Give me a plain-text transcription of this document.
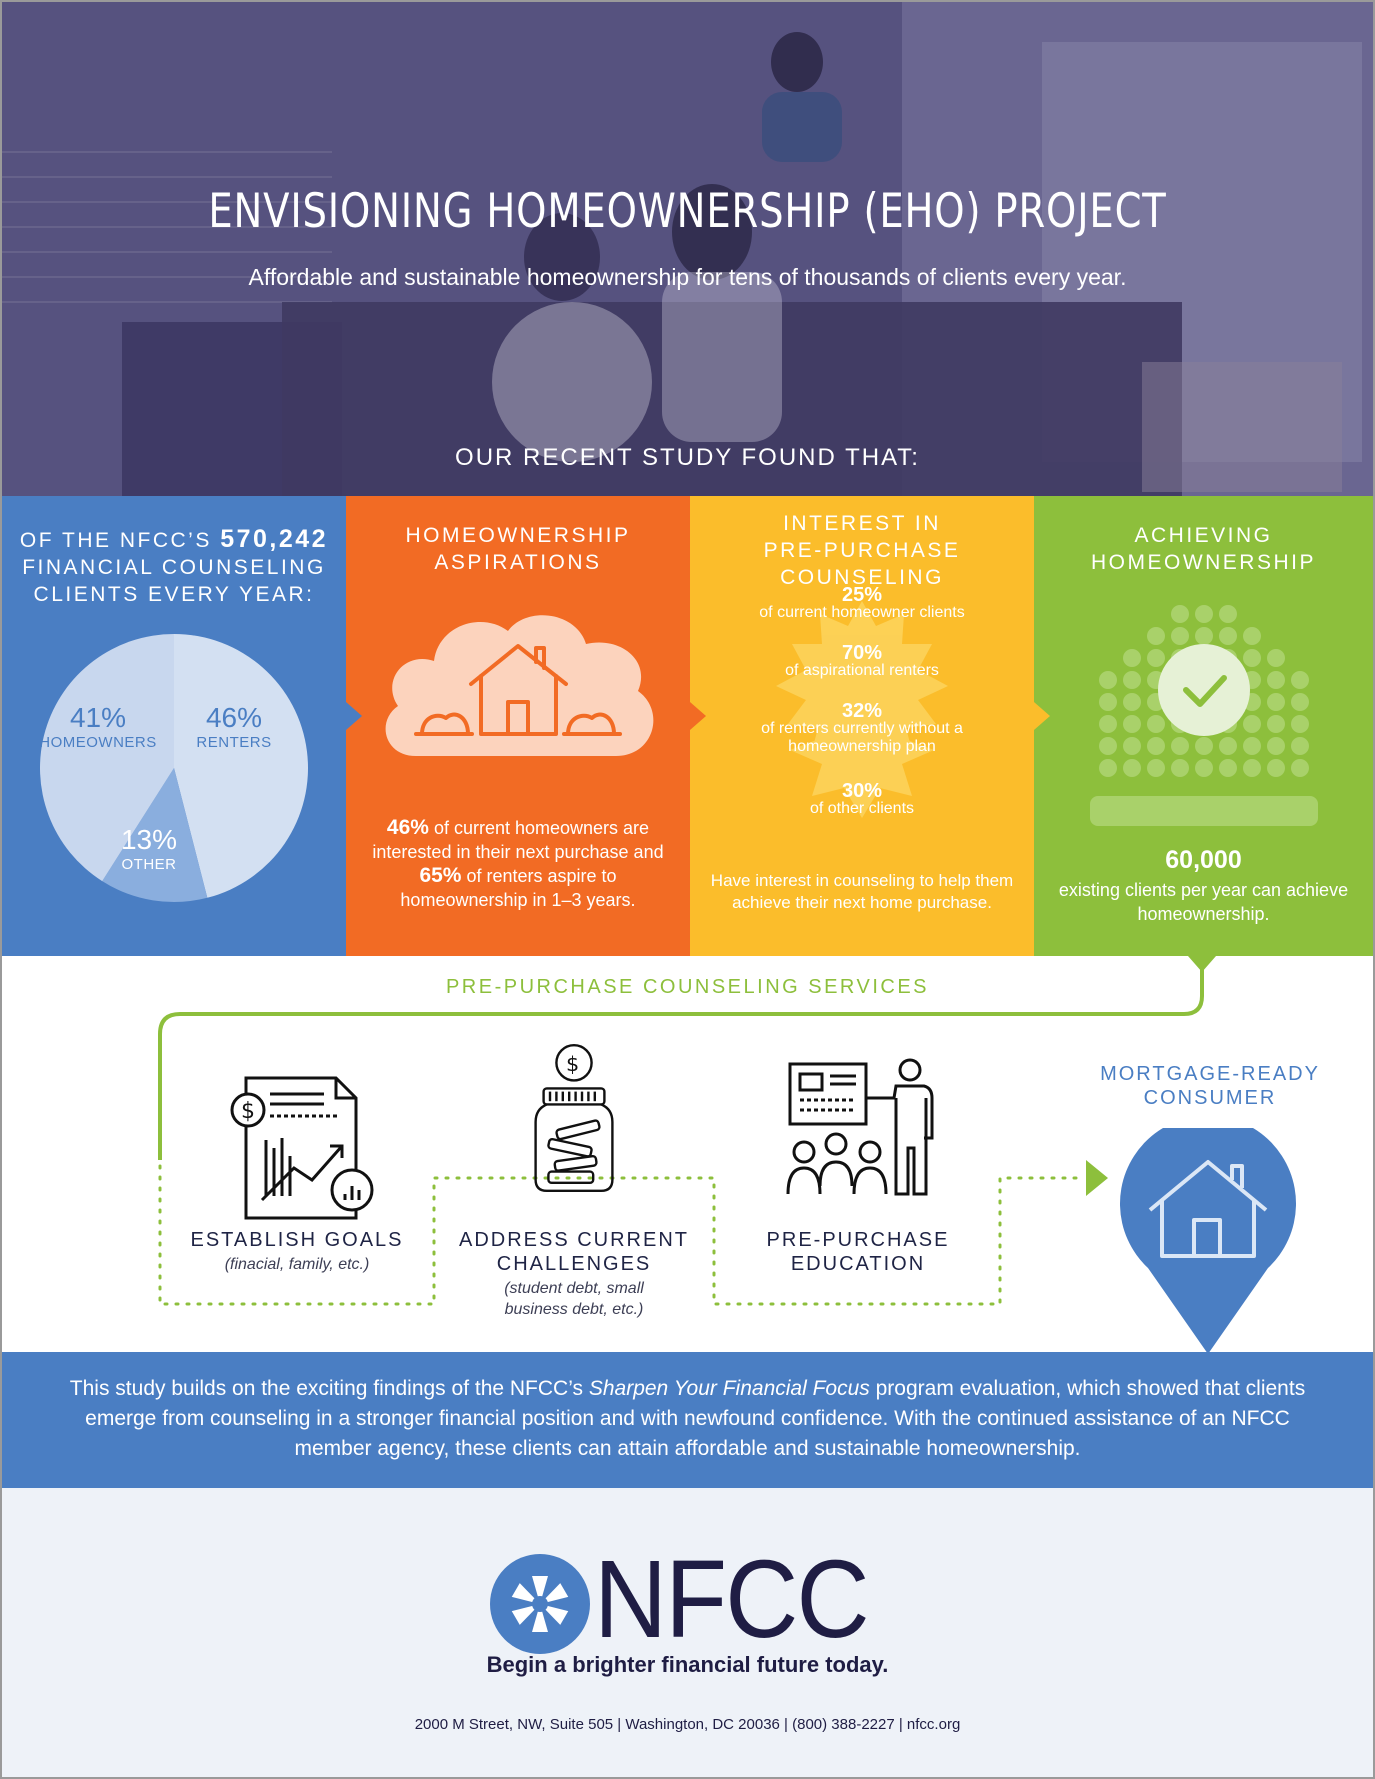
ENVISIONING HOMEOWNERSHIP (EHO) PROJECT
Affordable and sustainable homeownership for tens of thousands of clients every year.
OUR RECENT STUDY FOUND THAT:
OF THE NFCC’S 570,242
FINANCIAL COUNSELING
CLIENTS EVERY YEAR:
41%
HOMEOWNERS
46%
RENTERS
13%
OTHER
HOMEOWNERSHIP
ASPIRATIONS
46% of current homeowners are interested in their next purchase and 65% of renters aspire to homeownership in 1–3 years.
INTEREST IN
PRE-PURCHASE
COUNSELING
25%
of current homeowner clients
70%
of aspirational renters
32%
of renters currently without a homeownership plan
30%
of other clients
Have interest in counseling to help them achieve their next home purchase.
ACHIEVING
HOMEOWNERSHIP
60,000
existing clients per year can achieve homeownership.
PRE-PURCHASE COUNSELING SERVICES
$
$
ESTABLISH GOALS
(finacial, family, etc.)
ADDRESS CURRENT
CHALLENGES
(student debt, small
business debt, etc.)
PRE-PURCHASE
EDUCATION
MORTGAGE-READY
CONSUMER

This study builds on the exciting findings of the NFCC’s Sharpen Your Financial Focus program evaluation, which showed that clients emerge from counseling in a stronger financial position and with newfound confidence. With the continued assistance of an NFCC member agency, these clients can attain affordable and sustainable homeownership.

NFCC
Begin a brighter financial future today.
2000 M Street, NW, Suite 505 | Washington, DC 20036 | (800) 388-2227 | nfcc.org
